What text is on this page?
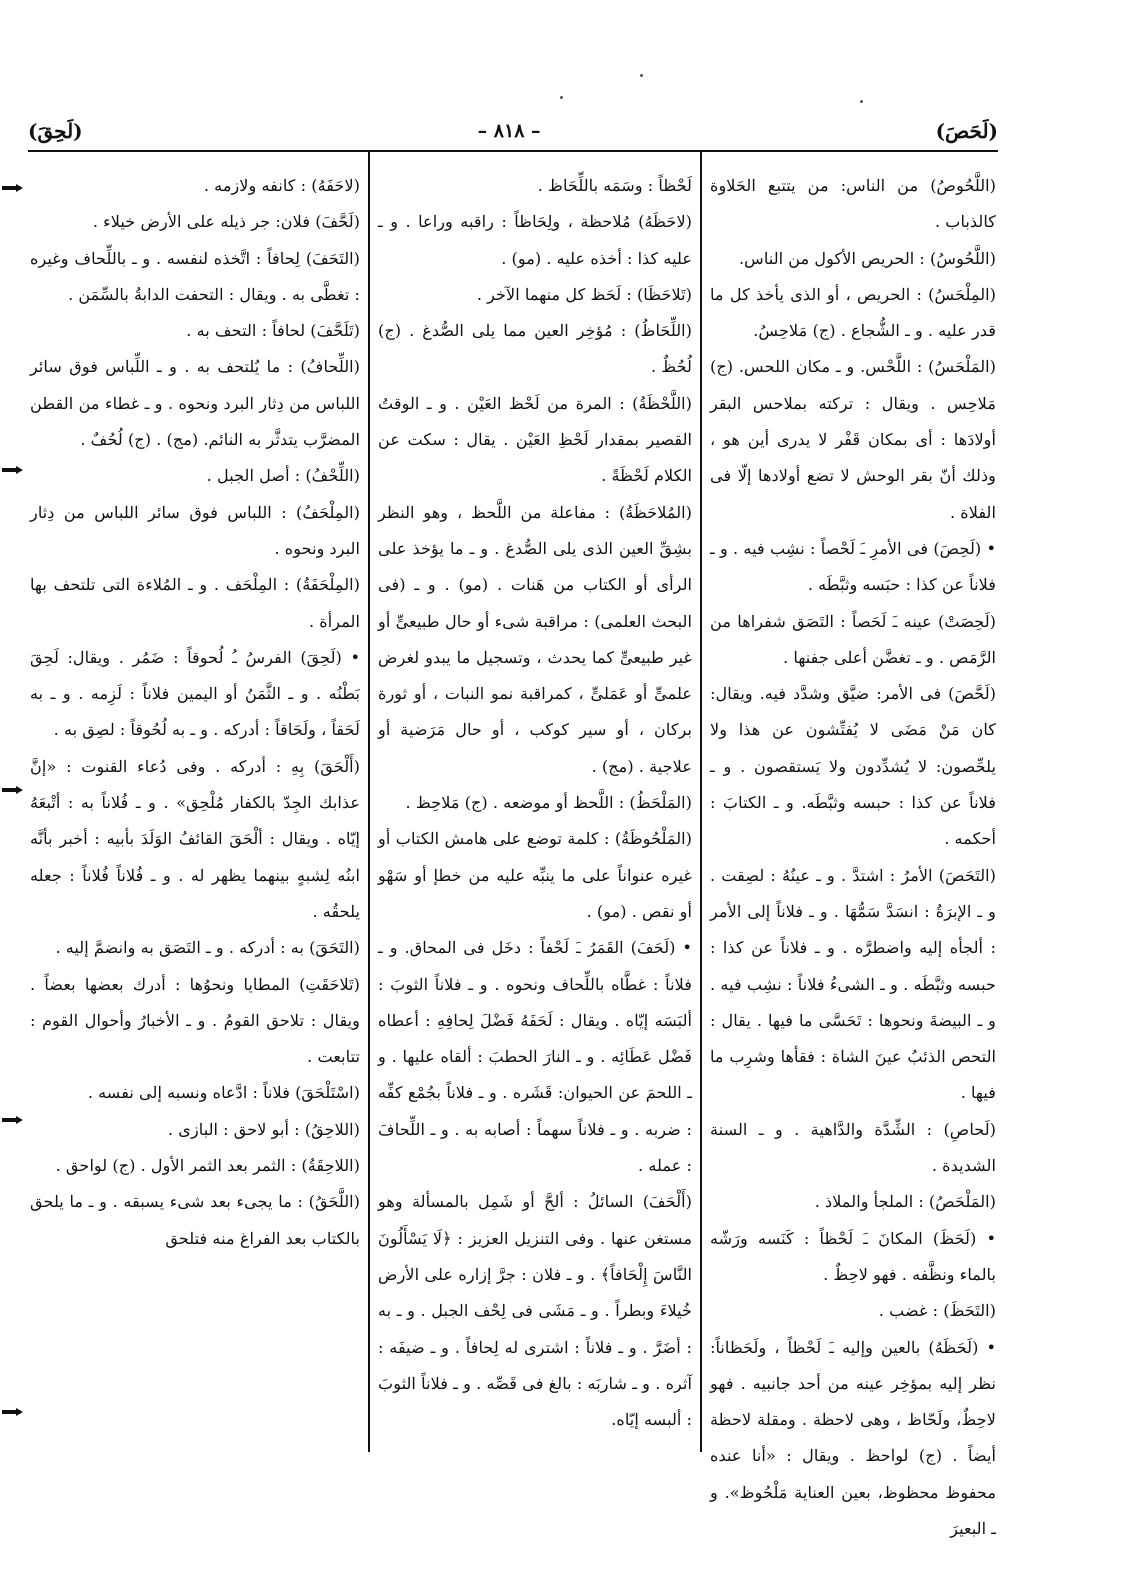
(لَحَصَ)
– ٨١٨ –
(لَحِقَ)

(اللَّحُوصُ) من الناس: من يتتبع الحَلاوة كالذباب .

(اللَّحُوسُ) : الحريص الأكول من الناس.

(المِلْحَسُ) : الحريص ، أو الذى يأخذ كل ما قدر عليه . و ـ الشُّجاع . (ج) مَلاحِسُ.

(المَلْحَسُ) : اللَّحْس. و ـ مكان اللحس. (ج) مَلاحِس . ويقال : تركته بملاحس البقر أولادَها : أى بمكان قَفْر لا يدرى أين هو ، وذلك أنّ بقر الوحش لا تضع أولادها إلّا فى الفلاة .

• (لَحِصَ) فى الأمرِ ـَ لَحْصاً : نشِب فيه . و ـ فلاناً عن كذا : حبَسه وثبَّطَه .

(لَحِصَتْ) عينه ـَ لَحَصاً : التَصَق شفراها من الرَّمَص . و ـ تغضَّن أعلى جفنها .

(لَحَّصَ) فى الأمر: ضيَّق وشدَّد فيه. ويقال: كان مَنْ مَضَى لا يُفتِّشون عن هذا ولا يلحِّصون: لا يُشدِّدون ولا يَستقصون . و ـ فلاناً عن كذا : حبسه وثبَّطَه. و ـ الكتابَ : أحكمه .

(التَحَصَ) الأمرُ : اشتدَّ . و ـ عينُهُ : لصِقت . و ـ الإبرَةُ : انسَدَّ سَمُّهَا . و ـ فلاناً إلى الأمر : ألجأه إليه واضطرَّه . و ـ فلاناً عن كذا : حبسه وثبَّطَه . و ـ الشىءُ فلاناً : نشِب فيه . و ـ البيضةَ ونحوها : تَحَسَّى ما فيها . يقال : التحص الذئبُ عينَ الشاة : فقأها وشرِب ما فيها .

(لَحاصِ) : الشِّدَّة والدَّاهية . و ـ السنة الشديدة .

(المَلْحَصُ) : الملجأ والملاذ .

• (لَحَظَ) المكانَ ـَ لَحْظاً : كَنَسه ورَشّه بالماء ونظَّفه . فهو لاحِظٌ .

(التَحَظَ) : غضب .

• (لَحَظَهُ) بالعين وإليه ـَ لَحْظاً ، ولَحَظاناً: نظر إليه بمؤخِر عينه من أحد جانبيه . فهو لاحِظٌ، ولَحّاظ ، وهى لاحظة . ومقلة لاحظة أيضاً . (ج) لواحظ . ويقال : «أنا عنده محفوظ محظوظ، بعين العناية مَلْحُوظ». و ـ البعيرَ

لَحْظاً : وسَمَه باللِّحَاظ .

(لاحَظَهُ) مُلاحظة ، ولِحَاظاً : راقبه وراعا . و ـ عليه كذا : أخذه عليه . (مو) .

(تَلاحَظَا) : لَحَظ كل منهما الآخر .

(اللِّحَاظُ) : مُؤخِر العين مما يلى الصُّدغ . (ج) لُحُظٌ .

(اللَّحْظَةُ) : المرة من لَحْظ العَيْن . و ـ الوقتُ القصير بمقدار لَحْظِ العَيْن . يقال : سكت عن الكلام لَحْظَةً .

(المُلاحَظَةُ) : مفاعلة من اللَّحظ ، وهو النظر بشِقِّ العين الذى يلى الصُّدغ . و ـ ما يؤخذ على الرأى أو الكتاب من هَنات . (مو) . و ـ (فى البحث العلمى) : مراقبة شىء أو حال طبيعىٍّ أو غير طبيعىٍّ كما يحدث ، وتسجيل ما يبدو لغرض علمىٍّ أو عَمَلىٍّ ، كمراقبة نمو النبات ، أو ثورة بركان ، أو سير كوكب ، أو حال مَرَضية أو علاجية . (مج) .

(المَلْحَظُ) : اللَّحظ أو موضعه . (ج) مَلاحِظ .

(المَلْحُوظَةُ) : كلمة توضع على هامش الكتاب أو غيره عنواناً على ما ينبِّه عليه من خطإ أو سَهْو أو نقص . (مو) .

• (لَحَفَ) القَمَرُ ـَ لَحْفاً : دخَل فى المحاق. و ـ فلاناً : غطَّاه باللِّحاف ونحوه . و ـ فلاناً الثوبَ : ألبَسَه إيّاه . ويقال : لَحَفَهُ فَضْلَ لِحافِهِ : أعطاه فَضْل عَطَائِه . و ـ النارَ الحطبَ : ألقاه عليها . و ـ اللحمَ عن الحيوان: قَشَره . و ـ فلاناً بجُمْع كفِّه : ضربه . و ـ فلاناً سهماً : أصابه به . و ـ اللِّحافَ : عمله .

(أَلْحَفَ) السائلُ : ألحَّ أو شَمِل بالمسألة وهو مستغن عنها . وفى التنزيل العزيز : ﴿لَا يَسْأَلُونَ النَّاسَ إِلْحَافاً﴾ . و ـ فلان : جرَّ إزاره على الأرض خُيلاءَ وبطراً . و ـ مَشَى فى لِحْف الجبل . و ـ به : أضَرَّ . و ـ فلاناً : اشترى له لِحافاً . و ـ ضيفَه : آثره . و ـ شاربَه : بالغ فى قَصِّه . و ـ فلاناً الثوبَ : ألبسه إيّاه.

(لاحَفَهُ) : كانفه ولازمه .

(لَحَّفَ) فلان: جر ذيله على الأرض خيلاء .

(التَحَفَ) لِحافاً : اتَّخذه لنفسه . و ـ باللِّحاف وغيره : تغطَّى به . ويقال : التحفت الدابةُ بالسِّمَن .

(تَلَحَّفَ) لحافاً : التحف به .

(اللِّحافُ) : ما يُلتحف به . و ـ اللِّباس فوق سائر اللباس من دِثار البرد ونحوه . و ـ غطاء من القطن المضرَّب يتدثَّر به النائم. (مج) . (ج) لُحُفٌ .

(اللِّحْفُ) : أصل الجبل .

(المِلْحَفُ) : اللباس فوق سائر اللباس من دِثار البرد ونحوه .

(المِلْحَفَةُ) : المِلْحَف . و ـ المُلاءة التى تلتحف بها المرأة .

• (لَحِقَ) الفرسُ ـُ لُحوقاً : ضَمُر . ويقال: لَحِقَ بَطْنُه . و ـ الثَّمَنُ أو اليمين فلاناً : لَزِمه . و ـ به لَحَقاً ، ولَحَاقاً : أدركه . و ـ به لُحُوقاً : لصِق به .

(أَلْحَقَ) بِهِ : أدركه . وفى دُعاء القنوت : «إنَّ عذابك الجِدّ بالكفار مُلْحِق» . و ـ فُلاناً به : أتْبعَهُ إيّاه . ويقال : ألْحَقَ القائفُ الوَلَدَ بأبيه : أخبر بأنَّه ابنُه لِشبهٍ بينهما يظهر له . و ـ فُلاناً فُلاناً : جعله يلحقُه .

(التَحَقَ) به : أدركه . و ـ التَصَق به وانضمَّ إليه .

(تَلاحَقَتِ) المطايا ونحوُها : أدرك بعضها بعضاً . ويقال : تلاحق القومُ . و ـ الأخبارُ وأحوال القوم : تتابعت .

(اسْتَلْحَقَ) فلاناً : ادَّعاه ونسبه إلى نفسه .

(اللاحِقُ) : أبو لاحق : البازى .

(اللاحِقَةُ) : الثمر بعد الثمر الأول . (ج) لواحق .

(اللَّحَقُ) : ما يجىء بعد شىء يسبقه . و ـ ما يلحق بالكتاب بعد الفراغ منه فتلحق
